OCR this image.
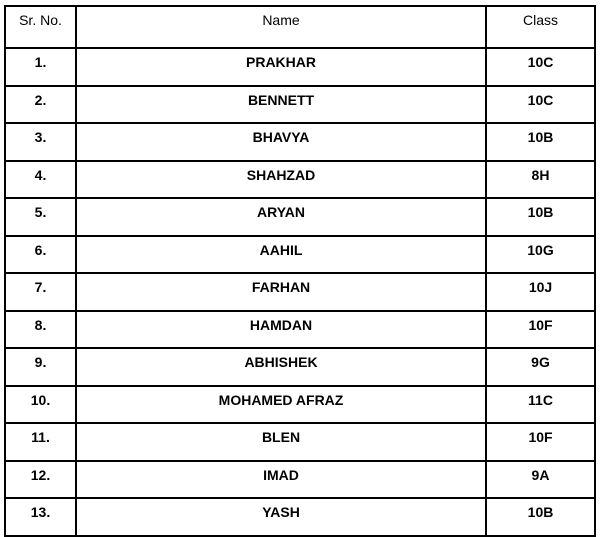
Sr. No.	Name	Class
1.	PRAKHAR	10C
2.	BENNETT	10C
3.	BHAVYA	10B
4.	SHAHZAD	8H
5.	ARYAN	10B
6.	AAHIL	10G
7.	FARHAN	10J
8.	HAMDAN	10F
9.	ABHISHEK	9G
10.	MOHAMED AFRAZ	11C
11.	BLEN	10F
12.	IMAD	9A
13.	YASH	10B
